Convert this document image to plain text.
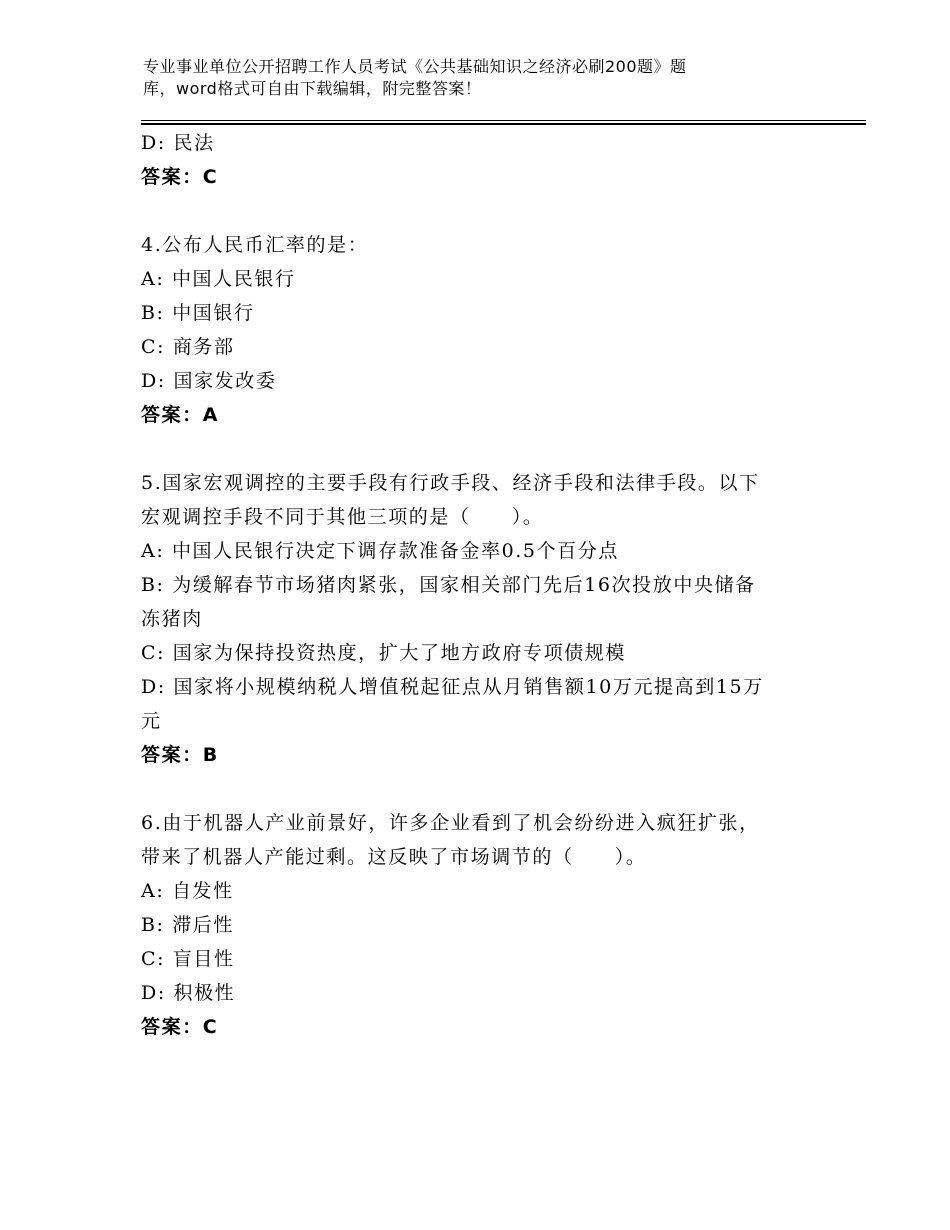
专业事业单位公开招聘工作人员考试《公共基础知识之经济必刷200题》题
库，word格式可自由下载编辑，附完整答案！
D: 民法
答案：C
4.公布人民币汇率的是：
A: 中国人民银行
B: 中国银行
C: 商务部
D: 国家发改委
答案：A
5.国家宏观调控的主要手段有行政手段、经济手段和法律手段。以下
宏观调控手段不同于其他三项的是（　　）。
A: 中国人民银行决定下调存款准备金率0.5个百分点
B: 为缓解春节市场猪肉紧张，国家相关部门先后16次投放中央储备
冻猪肉
C: 国家为保持投资热度，扩大了地方政府专项债规模
D: 国家将小规模纳税人增值税起征点从月销售额10万元提高到15万
元
答案：B
6.由于机器人产业前景好，许多企业看到了机会纷纷进入疯狂扩张，
带来了机器人产能过剩。这反映了市场调节的（　　）。
A: 自发性
B: 滞后性
C: 盲目性
D: 积极性
答案：C
